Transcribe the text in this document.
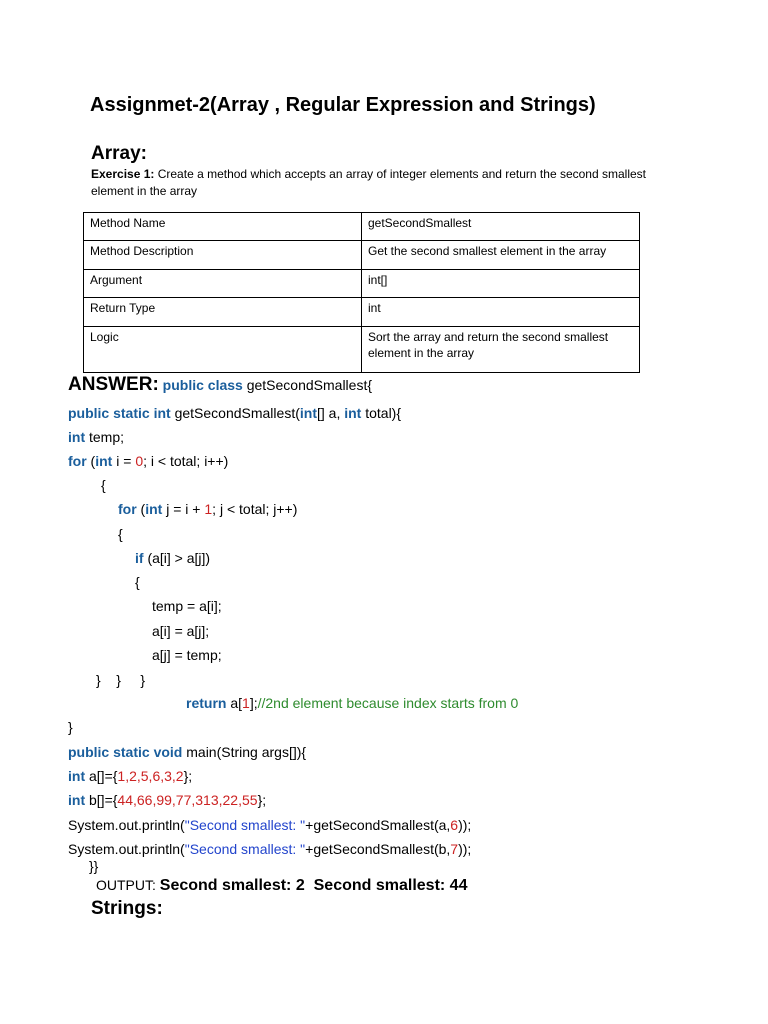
Assignmet-2(Array , Regular Expression and Strings)
Array:
Exercise 1: Create a method which accepts an array of integer elements and return the second smallest element in the array
Method Name	getSecondSmallest
Method Description	Get the second smallest element in the array
Argument	int[]
Return Type	int
Logic	Sort the array and return the second smallest element in the array
ANSWER: public class getSecondSmallest{
public static int getSecondSmallest(int[] a, int total){
int temp;
for (int i = 0; i < total; i++)
{
for (int j = i + 1; j < total; j++)
{
if (a[i] > a[j])
{
temp = a[i];
a[i] = a[j];
a[j] = temp;
}    }     }
return a[1];//2nd element because index starts from 0
}
public static void main(String args[]){
int a[]={1,2,5,6,3,2};
int b[]={44,66,99,77,313,22,55};
System.out.println("Second smallest: "+getSecondSmallest(a,6));
System.out.println("Second smallest: "+getSecondSmallest(b,7));
}}
OUTPUT: Second smallest: 2  Second smallest: 44
Strings:
